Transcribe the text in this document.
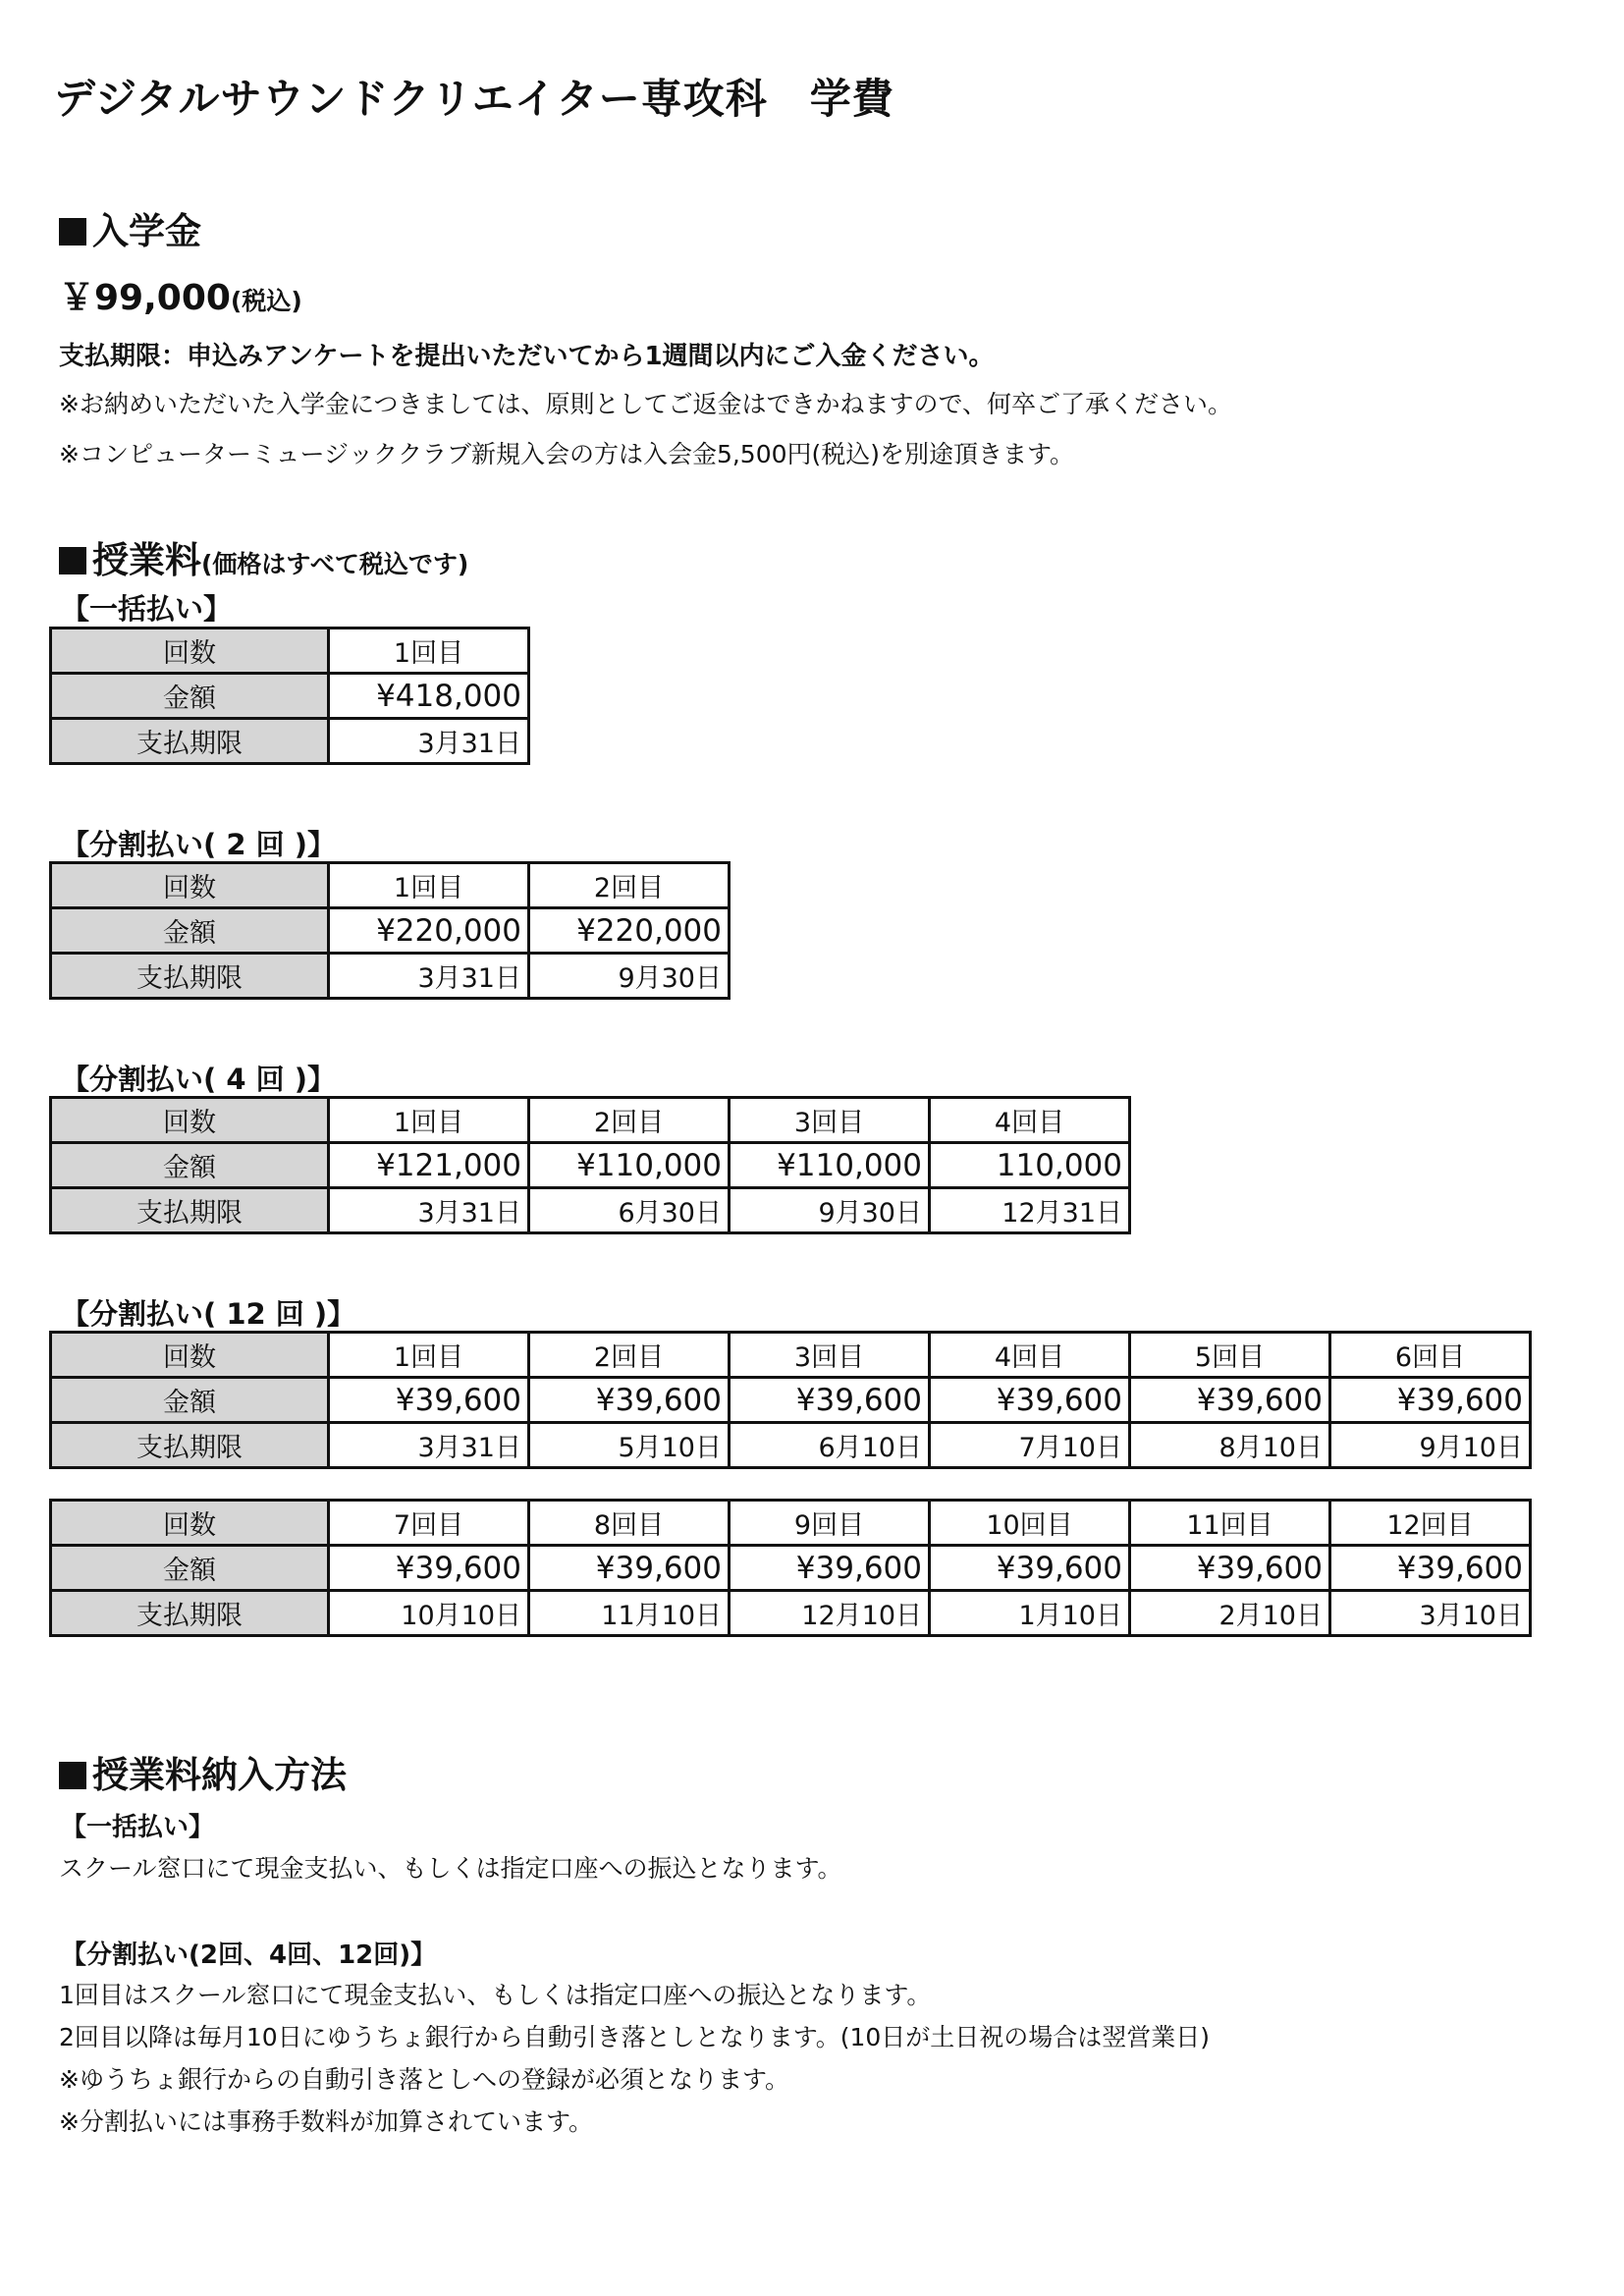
デジタルサウンドクリエイター専攻科　学費
入学金
￥99,000(税込)
支払期限：申込みアンケートを提出いただいてから1週間以内にご入金ください。
※お納めいただいた入学金につきましては、原則としてご返金はできかねますので、何卒ご了承ください。
※コンピューターミュージッククラブ新規入会の方は入会金5,500円(税込)を別途頂きます。
授業料(価格はすべて税込です)
【一括払い】
回数	1回目
金額	¥418,000
支払期限	3月31日
【分割払い( 2 回 )】
回数	1回目	2回目
金額	¥220,000	¥220,000
支払期限	3月31日	9月30日
【分割払い( 4 回 )】
回数	1回目	2回目	3回目	4回目
金額	¥121,000	¥110,000	¥110,000	110,000
支払期限	3月31日	6月30日	9月30日	12月31日
【分割払い( 12 回 )】
回数	1回目	2回目	3回目	4回目	5回目	6回目
金額	¥39,600	¥39,600	¥39,600	¥39,600	¥39,600	¥39,600
支払期限	3月31日	5月10日	6月10日	7月10日	8月10日	9月10日
回数	7回目	8回目	9回目	10回目	11回目	12回目
金額	¥39,600	¥39,600	¥39,600	¥39,600	¥39,600	¥39,600
支払期限	10月10日	11月10日	12月10日	1月10日	2月10日	3月10日
授業料納入方法
【一括払い】
スクール窓口にて現金支払い、もしくは指定口座への振込となります。
【分割払い(2回、4回、12回)】
1回目はスクール窓口にて現金支払い、もしくは指定口座への振込となります。
2回目以降は毎月10日にゆうちょ銀行から自動引き落としとなります。(10日が土日祝の場合は翌営業日)
※ゆうちょ銀行からの自動引き落としへの登録が必須となります。
※分割払いには事務手数料が加算されています。
